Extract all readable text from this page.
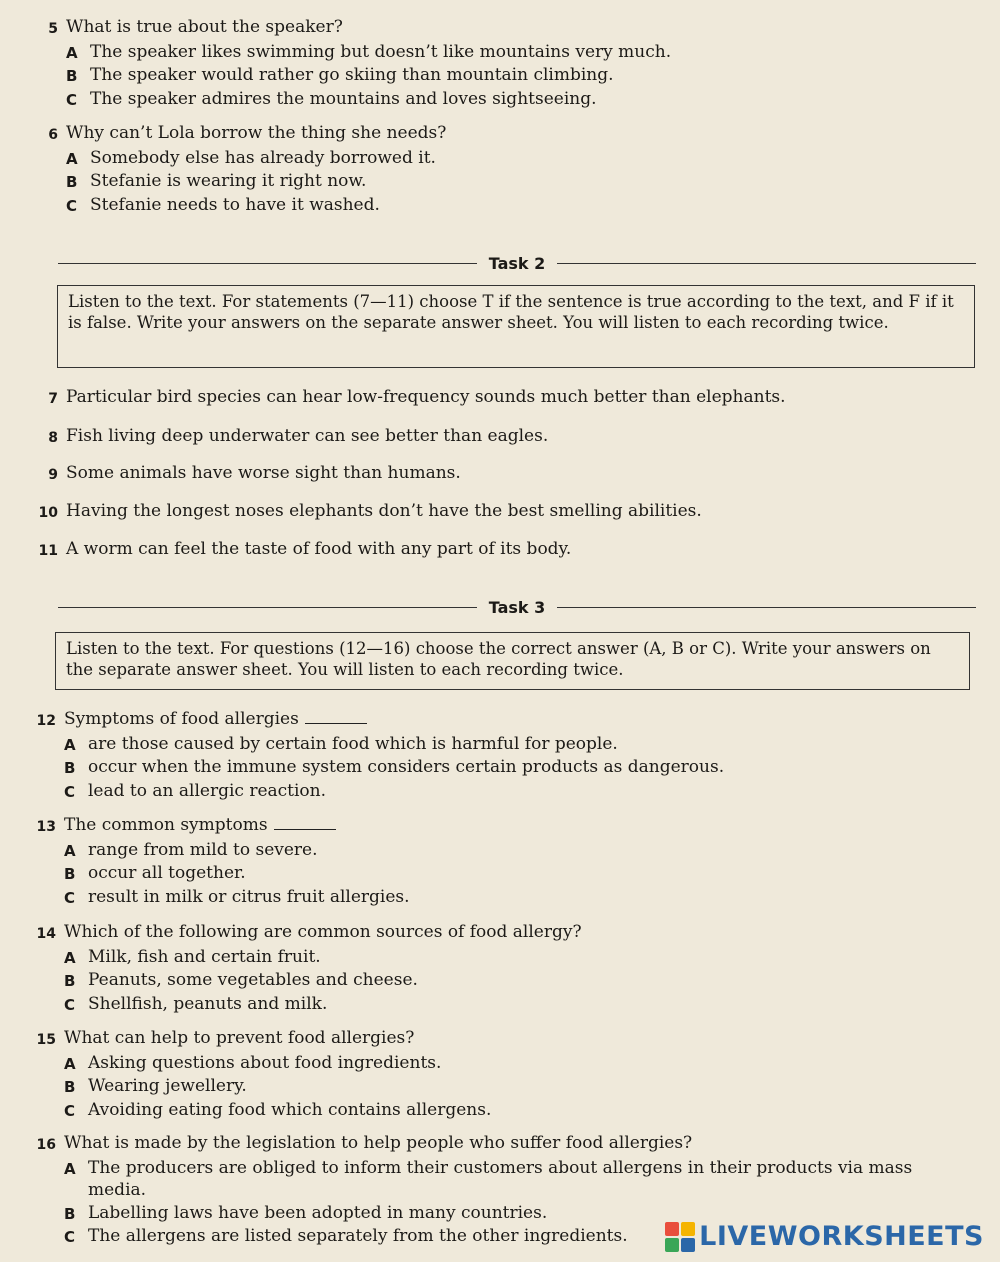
5 What is true about the speaker?
A The speaker likes swimming but doesn’t like mountains very much.
B The speaker would rather go skiing than mountain climbing.
C The speaker admires the mountains and loves sightseeing.
6 Why can’t Lola borrow the thing she needs?
A Somebody else has already borrowed it.
B Stefanie is wearing it right now.
C Stefanie needs to have it washed.
Task 2
Listen to the text. For statements (7—11) choose T if the sentence is true according to the text, and F if it is false. Write your answers on the separate answer sheet. You will listen to each recording twice.
7 Particular bird species can hear low-frequency sounds much better than elephants.
8 Fish living deep underwater can see better than eagles.
9 Some animals have worse sight than humans.
10 Having the longest noses elephants don’t have the best smelling abilities.
11 A worm can feel the taste of food with any part of its body.
Task 3
Listen to the text. For questions (12—16) choose the correct answer (A, B or C). Write your answers on the separate answer sheet. You will listen to each recording twice.
12 Symptoms of food allergies
A are those caused by certain food which is harmful for people.
B occur when the immune system considers certain products as dangerous.
C lead to an allergic reaction.
13 The common symptoms
A range from mild to severe.
B occur all together.
C result in milk or citrus fruit allergies.
14 Which of the following are common sources of food allergy?
A Milk, fish and certain fruit.
B Peanuts, some vegetables and cheese.
C Shellfish, peanuts and milk.
15 What can help to prevent food allergies?
A Asking questions about food ingredients.
B Wearing jewellery.
C Avoiding eating food which contains allergens.
16 What is made by the legislation to help people who suffer food allergies?
A The producers are obliged to inform their customers about allergens in their products via mass media.
B Labelling laws have been adopted in many countries.
C The allergens are listed separately from the other ingredients.	LIVEWORKSHEETS
